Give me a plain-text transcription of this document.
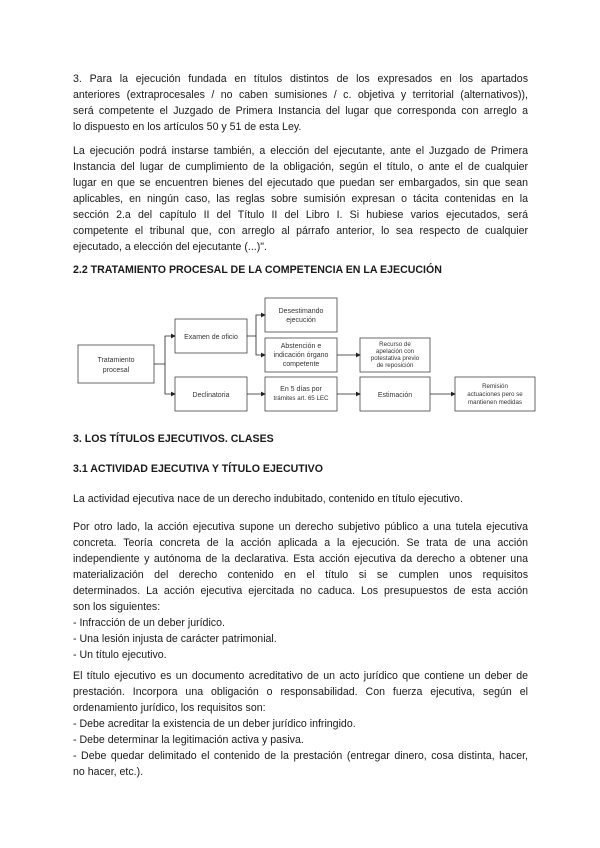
3. Para la ejecución fundada en títulos distintos de los expresados en los apartados
anteriores (extraprocesales / no caben sumisiones / c. objetiva y territorial (alternativos)),
será competente el Juzgado de Primera Instancia del lugar que corresponda con arreglo a
lo dispuesto en los artículos 50 y 51 de esta Ley.
La ejecución podrá instarse también, a elección del ejecutante, ante el Juzgado de Primera
Instancia del lugar de cumplimiento de la obligación, según el título, o ante el de cualquier
lugar en que se encuentren bienes del ejecutado que puedan ser embargados, sin que sean
aplicables, en ningún caso, las reglas sobre sumisión expresan o tácita contenidas en la
sección 2.a del capítulo II del Título II del Libro I. Si hubiese varios ejecutados, será
competente el tribunal que, con arreglo al párrafo anterior, lo sea respecto de cualquier
ejecutado, a elección del ejecutante (...)".
2.2 TRATAMIENTO PROCESAL DE LA COMPETENCIA EN LA EJECUCIÓN
Tratamiento
procesal
Examen de oficio
Desestimando
ejecución
Abstención e
indicación órgano
competente
Recurso de
apelación con
potestativa previo
de reposición
Declinatoria
En 5 días por
trámites art. 65 LEC	Estimación
Remisión
actuaciones pero se
mantienen medidas
3. LOS TÍTULOS EJECUTIVOS. CLASES
3.1 ACTIVIDAD EJECUTIVA Y TÍTULO EJECUTIVO
La actividad ejecutiva nace de un derecho indubitado, contenido en título ejecutivo.
Por otro lado, la acción ejecutiva supone un derecho subjetivo público a una tutela ejecutiva
concreta. Teoría concreta de la acción aplicada a la ejecución. Se trata de una acción
independiente y autónoma de la declarativa. Esta acción ejecutiva da derecho a obtener una
materialización del derecho contenido en el título si se cumplen unos requisitos
determinados. La acción ejecutiva ejercitada no caduca. Los presupuestos de esta acción
son los siguientes:
- Infracción de un deber jurídico.
- Una lesión injusta de carácter patrimonial.
- Un título ejecutivo.
El título ejecutivo es un documento acreditativo de un acto jurídico que contiene un deber de
prestación. Incorpora una obligación o responsabilidad. Con fuerza ejecutiva, según el
ordenamiento jurídico, los requisitos son:
- Debe acreditar la existencia de un deber jurídico infringido.
- Debe determinar la legitimación activa y pasiva.
- Debe quedar delimitado el contenido de la prestación (entregar dinero, cosa distinta, hacer,
no hacer, etc.).
